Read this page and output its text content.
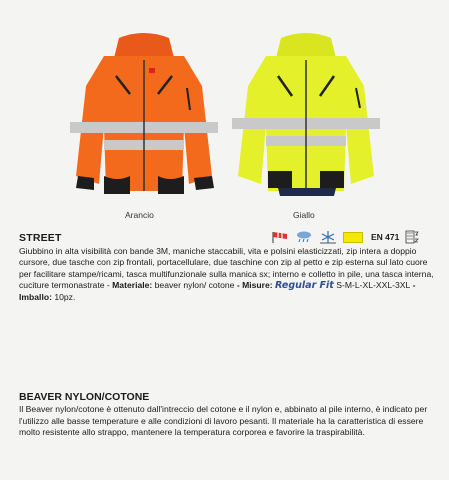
Arancio	Giallo
STREET	EN 471

Giubbino in alta visibilità con bande 3M, maniche staccabili, vita e polsini elasticizzati, zip intera a doppio cursore, due tasche con zip frontali, portacellulare, due taschine con zip al petto e zip esterna sul lato cuore per facilitare stampe/ricami, tasca multifunzionale sulla manica sx; interno e colletto in pile, una tasca interna, cuciture termonastrate - Materiale: beaver nylon/ cotone - Misure: Regular Fit S-M-L-XL-XXL-3XL - Imballo: 10pz.

BEAVER NYLON/COTONE

Il Beaver nylon/cotone è ottenuto dall'intreccio del cotone e il nylon e, abbinato al pile interno, è indicato per l'utilizzo alle basse temperature e alle condizioni di lavoro pesanti. Il materiale ha la caratteristica di essere molto resistente allo strappo, mantenere la temperatura corporea e favorire la traspirabilità.
